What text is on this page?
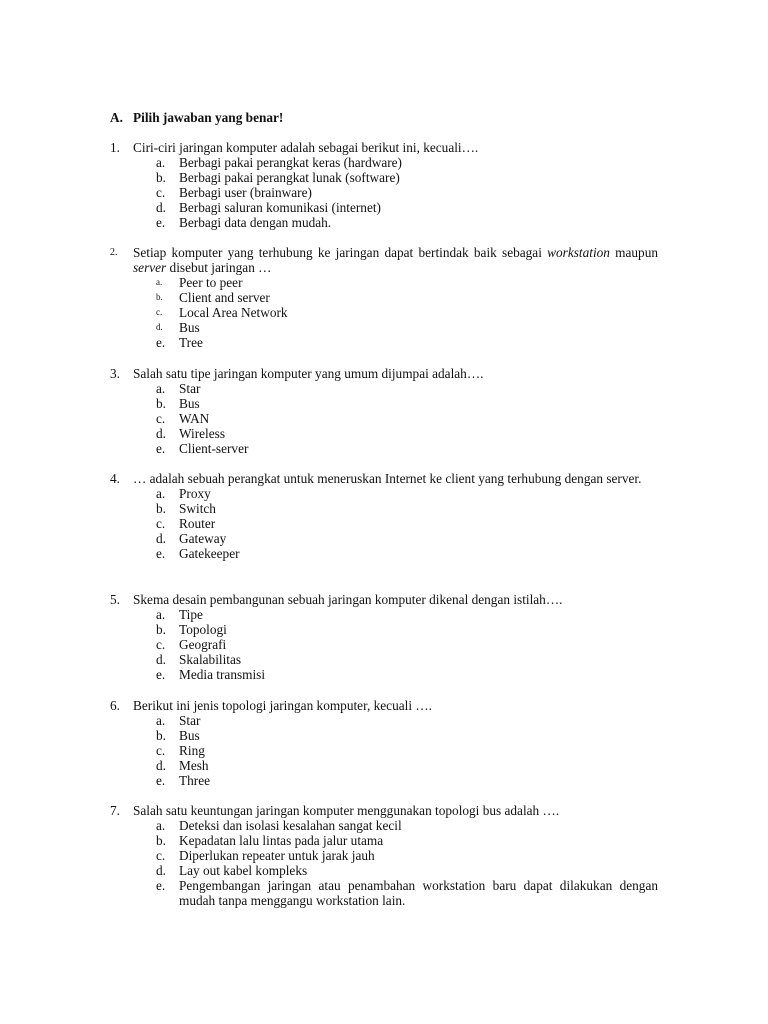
A. Pilih jawaban yang benar!
1. Ciri-ciri jaringan komputer adalah sebagai berikut ini, kecuali….
a.	Berbagi pakai perangkat keras (hardware)
b. Berbagi pakai perangkat lunak (software)
c.	Berbagi user (brainware)
d. Berbagi saluran komunikasi (internet)
e.	Berbagi data dengan mudah.
2.	Setiap komputer yang terhubung ke jaringan dapat bertindak baik sebagai workstation maupun server disebut jaringan …
a.	Peer to peer
b.	Client and server
c.	Local Area Network
d.	Bus
e.	Tree
3. Salah satu tipe jaringan komputer yang umum dijumpai adalah….
a.	Star
b. Bus
c.	WAN
d. Wireless
e.	Client-server
4. … adalah sebuah perangkat untuk meneruskan Internet ke client yang terhubung dengan server.
a.	Proxy
b. Switch
c.	Router
d. Gateway
e.	Gatekeeper
5. Skema desain pembangunan sebuah jaringan komputer dikenal dengan istilah….
a.	Tipe
b. Topologi
c.	Geografi
d. Skalabilitas
e.	Media transmisi
6. Berikut ini jenis topologi jaringan komputer, kecuali ….
a.	Star
b. Bus
c.	Ring
d. Mesh
e.	Three
7. Salah satu keuntungan jaringan komputer menggunakan topologi bus adalah ….
a.	Deteksi dan isolasi kesalahan sangat kecil
b. Kepadatan lalu lintas pada jalur utama
c.	Diperlukan repeater untuk jarak jauh
d. Lay out kabel kompleks
e.	Pengembangan jaringan atau penambahan workstation baru dapat dilakukan dengan mudah tanpa menggangu workstation lain.
